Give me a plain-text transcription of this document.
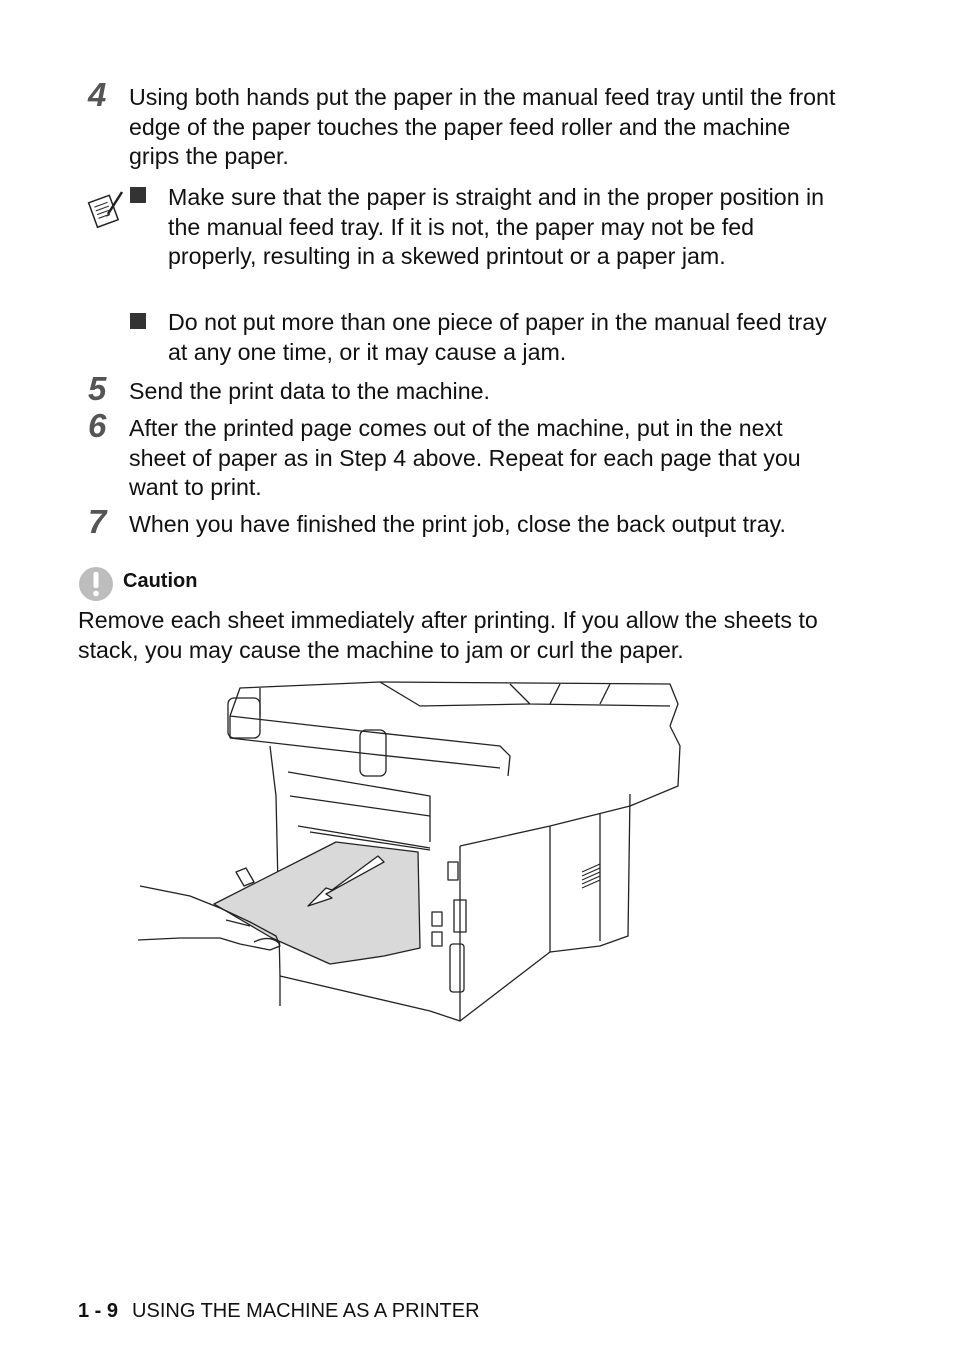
4 Using both hands put the paper in the manual feed tray until the front edge of the paper touches the paper feed roller and the machine grips the paper.
Make sure that the paper is straight and in the proper position in the manual feed tray. If it is not, the paper may not be fed properly, resulting in a skewed printout or a paper jam.
Do not put more than one piece of paper in the manual feed tray at any one time, or it may cause a jam.
5 Send the print data to the machine.
6 After the printed page comes out of the machine, put in the next sheet of paper as in Step 4 above. Repeat for each page that you want to print.
7 When you have finished the print job, close the back output tray.
Caution
Remove each sheet immediately after printing. If you allow the sheets to stack, you may cause the machine to jam or curl the paper.
1 - 9 USING THE MACHINE AS A PRINTER
